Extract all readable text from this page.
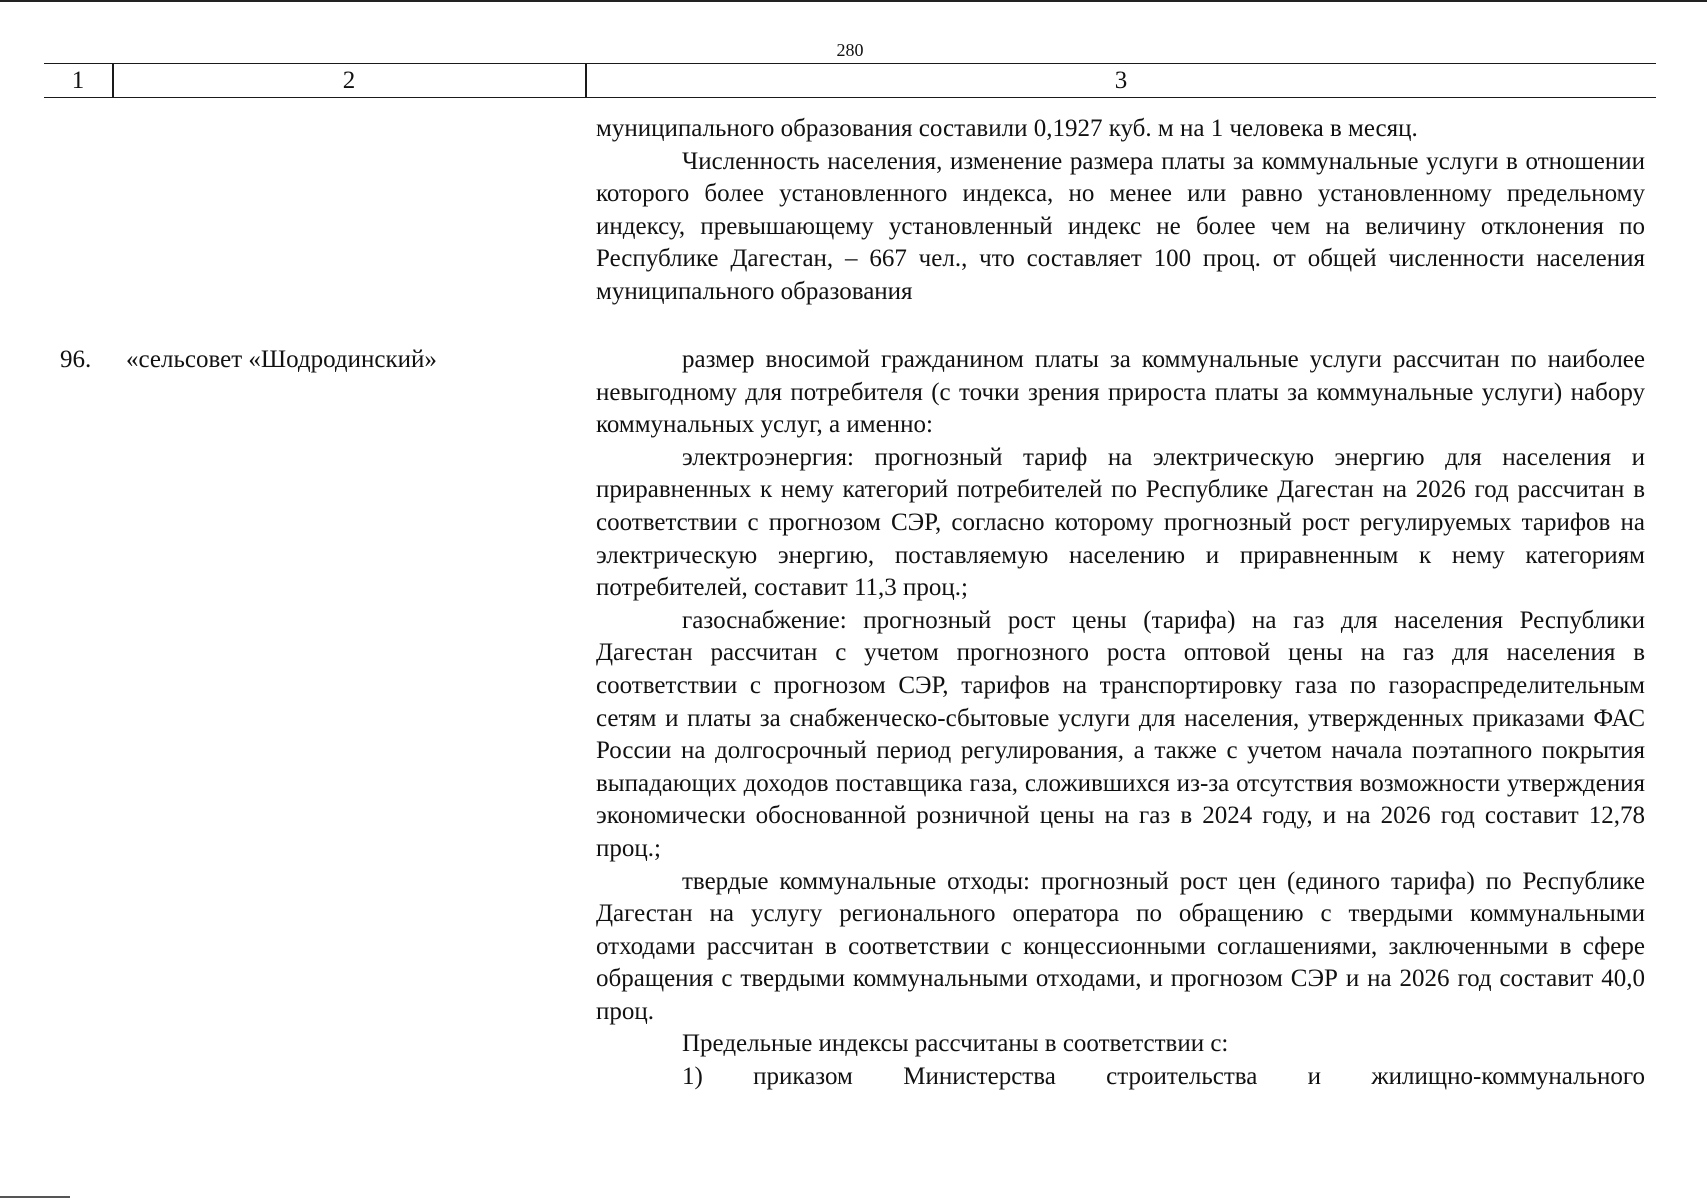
280
1	2	3

муниципального образования составили 0,1927 куб. м на 1 человека в месяц.

Численность населения, изменение размера платы за коммунальные услуги в отношении которого более установленного индекса, но менее или равно установленному предельному индексу, превышающему установленный индекс не более чем на величину отклонения по Республике Дагестан, – 667 чел., что составляет 100 проц. от общей численности населения муниципального образования

96. «сельсовет «Шодродинский»	размер вносимой гражданином платы за коммунальные услуги рассчитан по наиболее невыгодному для потребителя (с точки зрения прироста платы за коммунальные услуги) набору коммунальных услуг, а именно:

электроэнергия: прогнозный тариф на электрическую энергию для населения и приравненных к нему категорий потребителей по Республике Дагестан на 2026 год рассчитан в соответствии с прогнозом СЭР, согласно которому прогнозный рост регулируемых тарифов на электрическую энергию, поставляемую населению и приравненным к нему категориям потребителей, составит 11,3 проц.;

газоснабжение: прогнозный рост цены (тарифа) на газ для населения Республики Дагестан рассчитан с учетом прогнозного роста оптовой цены на газ для населения в соответствии с прогнозом СЭР, тарифов на транспортировку газа по газораспределительным сетям и платы за снабженческо-сбытовые услуги для населения, утвержденных приказами ФАС России на долгосрочный период регулирования, а также с учетом начала поэтапного покрытия выпадающих доходов поставщика газа, сложившихся из-за отсутствия возможности утверждения экономически обоснованной розничной цены на газ в 2024 году, и на 2026 год составит 12,78 проц.;

твердые коммунальные отходы: прогнозный рост цен (единого тарифа) по Республике Дагестан на услугу регионального оператора по обращению с твердыми коммунальными отходами рассчитан в соответствии с концессионными соглашениями, заключенными в сфере обращения с твердыми коммунальными отходами, и прогнозом СЭР и на 2026 год составит 40,0 проц.

Предельные индексы рассчитаны в соответствии с:

1) приказом Министерства строительства и жилищно-коммунального
